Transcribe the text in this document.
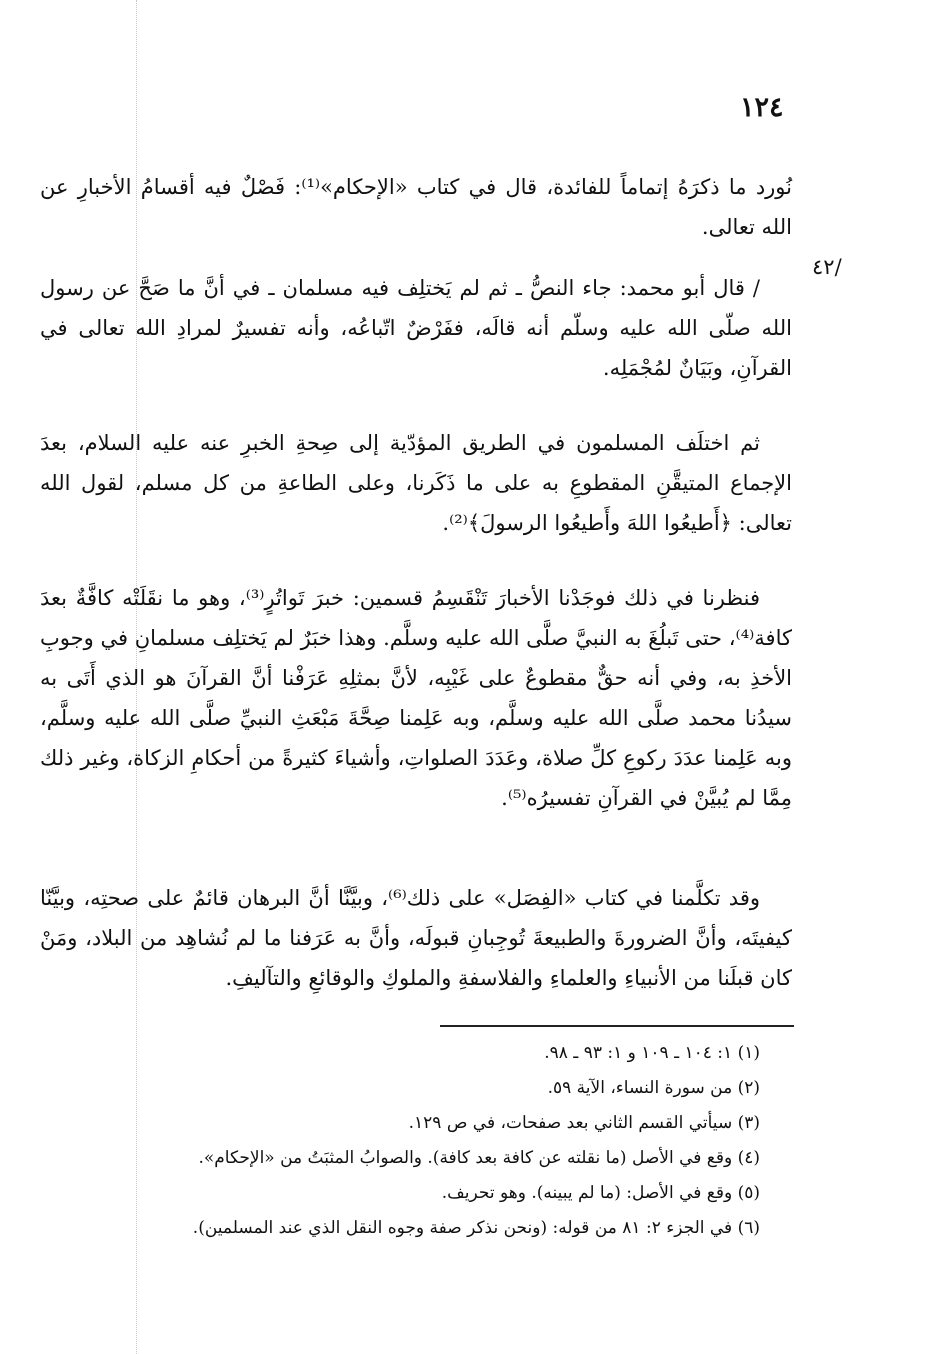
١٢٤
٤٢/

نُورد ما ذكرَهُ إتماماً للفائدة، قال في كتاب «الإحكام»⁽¹⁾: فَصْلٌ فيه أقسامُ الأخبارِ عن الله تعالى.

/ قال أبو محمد: جاء النصُّ ـ ثم لم يَختلِف فيه مسلمان ـ في أنَّ ما صَحَّ عن رسول الله صلّى الله عليه وسلّم أنه قالَه، ففَرْضٌ اتّباعُه، وأنه تفسيرٌ لمرادِ الله تعالى في القرآنِ، وبَيَانٌ لمُجْمَلِه.

ثم اختلَف المسلمون في الطريق المؤدّية إلى صِحةِ الخبرِ عنه عليه السلام، بعدَ الإجماع المتيقَّنِ المقطوعِ به على ما ذَكَرنا، وعلى الطاعةِ من كل مسلم، لقول الله تعالى: ﴿أَطيعُوا اللهَ وأَطيعُوا الرسولَ﴾⁽²⁾.

فنظرنا في ذلك فوجَدْنا الأخبارَ تَنْقَسِمُ قسمين: خبرَ تَواتُرٍ⁽³⁾، وهو ما نقَلَتْه كافَّةٌ بعدَ كافة⁽⁴⁾، حتى تَبلُغَ به النبيَّ صلَّى الله عليه وسلَّم. وهذا خبَرٌ لم يَختلِف مسلمانِ في وجوبِ الأخذِ به، وفي أنه حقٌّ مقطوعٌ على غَيْبِه، لأنَّ بمثلِهِ عَرَفْنا أنَّ القرآنَ هو الذي أَتَى به سيدُنا محمد صلَّى الله عليه وسلَّم، وبه عَلِمنا صِحَّةَ مَبْعَثِ النبيِّ صلَّى الله عليه وسلَّم، وبه عَلِمنا عدَدَ ركوعِ كلِّ صلاة، وعَدَدَ الصلواتِ، وأشياءَ كثيرةً من أحكامِ الزكاة، وغير ذلك مِمَّا لم يُبيَّنْ في القرآنِ تفسيرُه⁽⁵⁾.

وقد تكلَّمنا في كتاب «الفِصَل» على ذلك⁽⁶⁾، وبيَّنَّا أنَّ البرهان قائمٌ على صحتِه، وبيَّنّا كيفيتَه، وأنَّ الضرورةَ والطبيعةَ تُوجِبانِ قبولَه، وأنَّ به عَرَفنا ما لم نُشاهِد من البلاد، ومَنْ كان قبلَنا من الأنبياءِ والعلماءِ والفلاسفةِ والملوكِ والوقائعِ والتآليفِ.

(١) ١: ١٠٤ ـ ١٠٩ و ١: ٩٣ ـ ٩٨.
(٢) من سورة النساء، الآية ٥٩.
(٣) سيأتي القسم الثاني بعد صفحات، في ص ١٢٩.
(٤) وقع في الأصل (ما نقلته عن كافة بعد كافة). والصوابُ المثبَتُ من «الإحكام».
(٥) وقع في الأصل: (ما لم يبينه). وهو تحريف.
(٦) في الجزء ٢: ٨١ من قوله: (ونحن نذكر صفة وجوه النقل الذي عند المسلمين).
